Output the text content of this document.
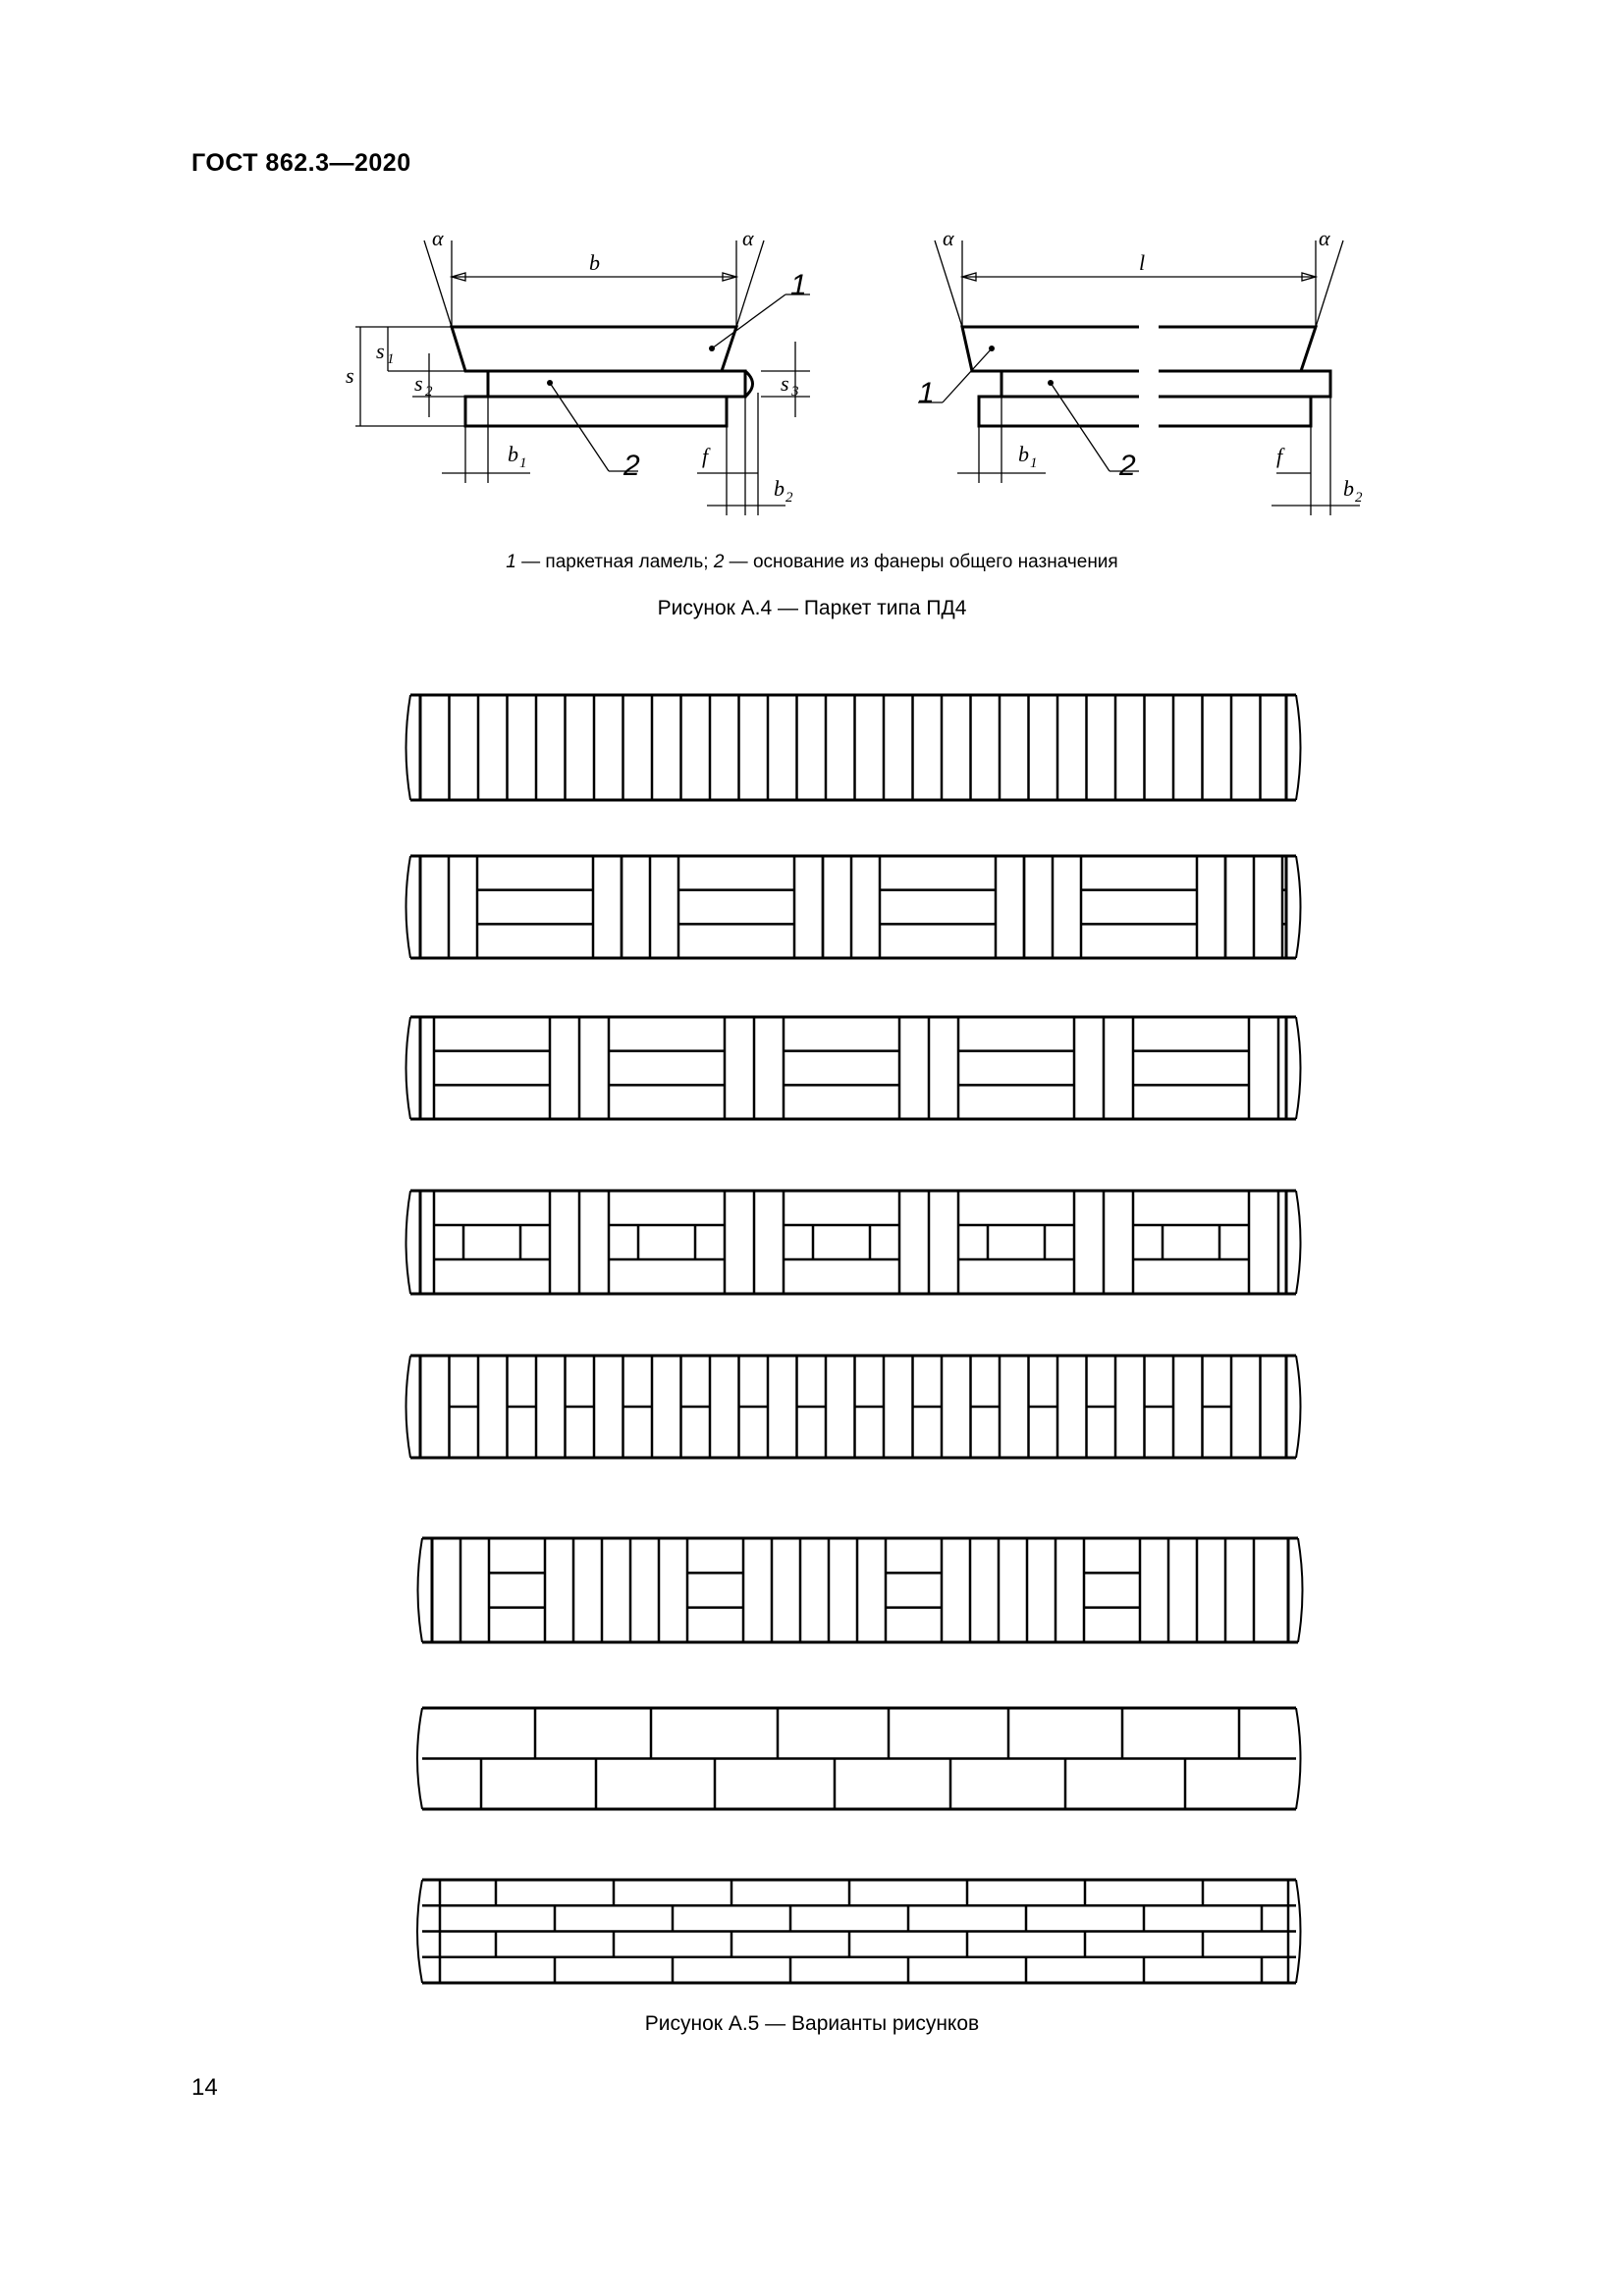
ГОСТ 862.3—2020
α	α	α	α
b	l
s
s 1
s 2	s 3
b 1	b 1
f	f
b 2	b 2
1
2
1
2
1 — паркетная ламель; 2 — основание из фанеры общего назначения
Рисунок А.4 — Паркет типа ПД4
Рисунок А.5 — Варианты рисунков
14
